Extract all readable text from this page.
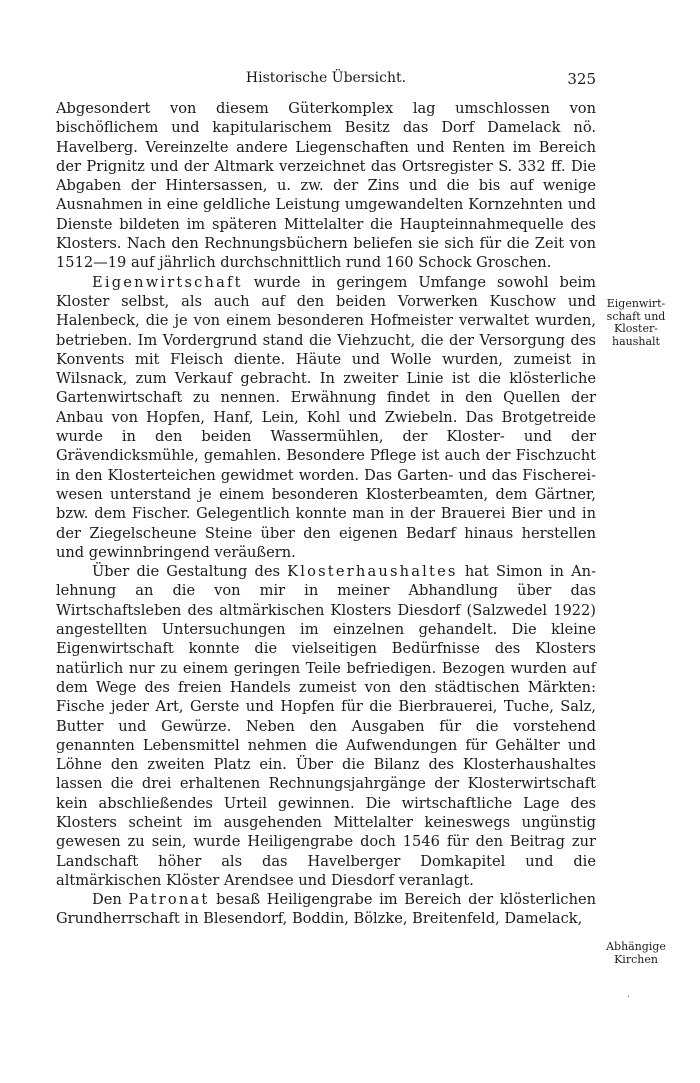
Historische Übersicht.	325

Abgesondert von diesem Güterkomplex lag umschlossen von bischöflichem und kapitularischem Besitz das Dorf Damelack nö. Havelberg. Vereinzelte andere Liegenschaften und Renten im Bereich der Prignitz und der Altmark verzeichnet das Ortsregister S. 332 ff. Die Abgaben der Hintersassen, u. zw. der Zins und die bis auf wenige Ausnahmen in eine geldliche Leistung umgewandelten Kornzehnten und Dienste bildeten im späteren Mittelalter die Haupteinnahmequelle des Klosters. Nach den Rechnungsbüchern beliefen sie sich für die Zeit von 1512—19 auf jährlich durchschnittlich rund 160 Schock Groschen.

Eigenwirtschaft wurde in geringem Umfange sowohl beim Kloster selbst, als auch auf den beiden Vorwerken Kuschow und Halenbeck, die je von einem besonderen Hofmeister verwaltet wurden, betrieben. Im Vordergrund stand die Viehzucht, die der Versorgung des Konvents mit Fleisch diente. Häute und Wolle wurden, zumeist in Wilsnack, zum Verkauf gebracht. In zweiter Linie ist die klösterliche Gartenwirtschaft zu nennen. Erwähnung findet in den Quellen der Anbau von Hopfen, Hanf, Lein, Kohl und Zwiebeln. Das Brotgetreide wurde in den beiden Wassermühlen, der Kloster- und der Grävendicksmühle, gemahlen. Besondere Pflege ist auch der Fischzucht in den Klosterteichen gewidmet worden. Das Garten- und das Fischereiwesen unterstand je einem besonderen Klosterbeamten, dem Gärtner, bzw. dem Fischer. Gelegentlich konnte man in der Brauerei Bier und in der Ziegelscheune Steine über den eigenen Bedarf hinaus herstellen und gewinnbringend veräußern.

Über die Gestaltung des Klosterhaushaltes hat Simon in Anlehnung an die von mir in meiner Abhandlung über das Wirtschaftsleben des altmärkischen Klosters Diesdorf (Salzwedel 1922) angestellten Untersuchungen im einzelnen gehandelt. Die kleine Eigenwirtschaft konnte die vielseitigen Bedürfnisse des Klosters natürlich nur zu einem geringen Teile befriedigen. Bezogen wurden auf dem Wege des freien Handels zumeist von den städtischen Märkten: Fische jeder Art, Gerste und Hopfen für die Bierbrauerei, Tuche, Salz, Butter und Gewürze. Neben den Ausgaben für die vorstehend genannten Lebensmittel nehmen die Aufwendungen für Gehälter und Löhne den zweiten Platz ein. Über die Bilanz des Klosterhaushaltes lassen die drei erhaltenen Rechnungsjahrgänge der Klosterwirtschaft kein abschließendes Urteil gewinnen. Die wirtschaftliche Lage des Klosters scheint im ausgehenden Mittelalter keineswegs ungünstig gewesen zu sein, wurde Heiligengrabe doch 1546 für den Beitrag zur Landschaft höher als das Havelberger Domkapitel und die altmärkischen Klöster Arendsee und Diesdorf veranlagt.

Den Patronat besaß Heiligengrabe im Bereich der klösterlichen Grundherrschaft in Blesendorf, Boddin, Bölzke, Breitenfeld, Damelack,

Eigenwirtschaft und Klosterhaushalt
Abhängige Kirchen
·
